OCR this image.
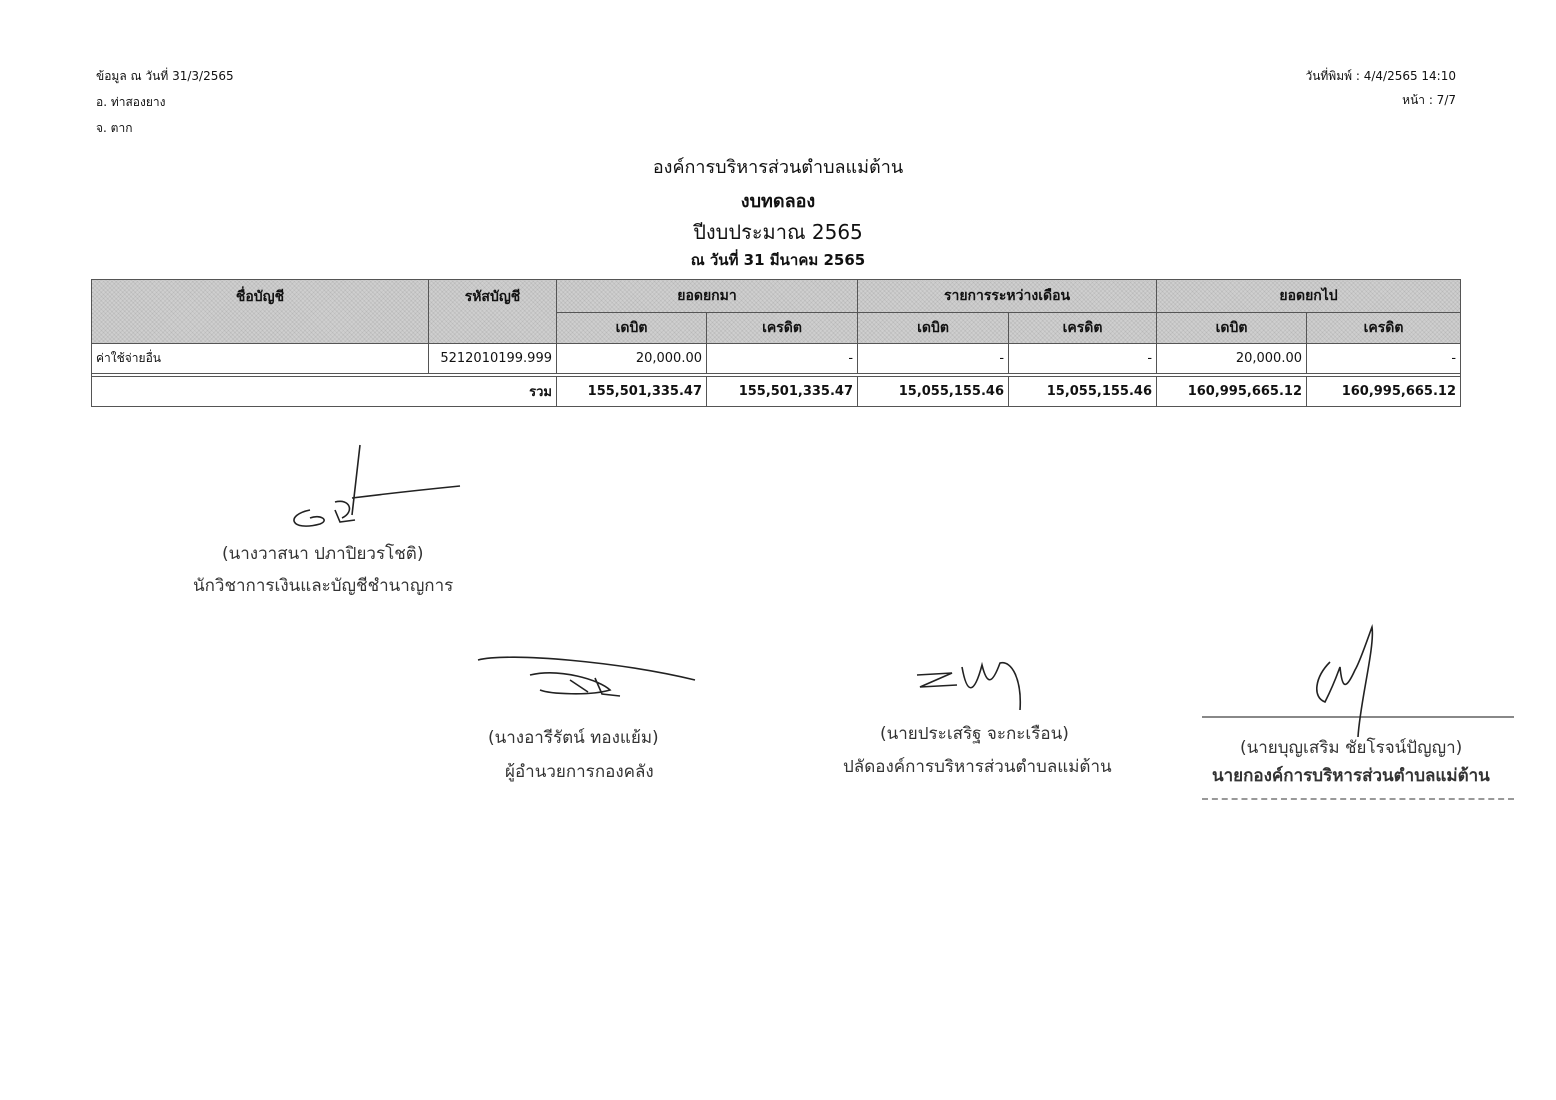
ข้อมูล ณ วันที่ 31/3/2565
อ. ท่าสองยาง
จ. ตาก
วันที่พิมพ์ : 4/4/2565 14:10
หน้า : 7/7
องค์การบริหารส่วนตำบลแม่ต้าน
งบทดลอง
ปีงบประมาณ 2565
ณ วันที่ 31 มีนาคม 2565
ชื่อบัญชี	รหัสบัญชี	ยอดยกมา		รายการระหว่างเดือน		ยอดยกไป	
		เดบิต	เครดิต	เดบิต	เครดิต	เดบิต	เครดิต
ค่าใช้จ่ายอื่น	5212010199.999	20,000.00	-	-	-	20,000.00	-

รวม		155,501,335.47	155,501,335.47	15,055,155.46	15,055,155.46	160,995,665.12	160,995,665.12
(นางวาสนา ปภาปิยวรโชติ)
นักวิชาการเงินและบัญชีชำนาญการ
(นางอารีรัตน์ ทองแย้ม)
ผู้อำนวยการกองคลัง
(นายประเสริฐ จะกะเรือน)
ปลัดองค์การบริหารส่วนตำบลแม่ต้าน
(นายบุญเสริม ชัยโรจน์ปัญญา)
นายกองค์การบริหารส่วนตำบลแม่ต้าน
